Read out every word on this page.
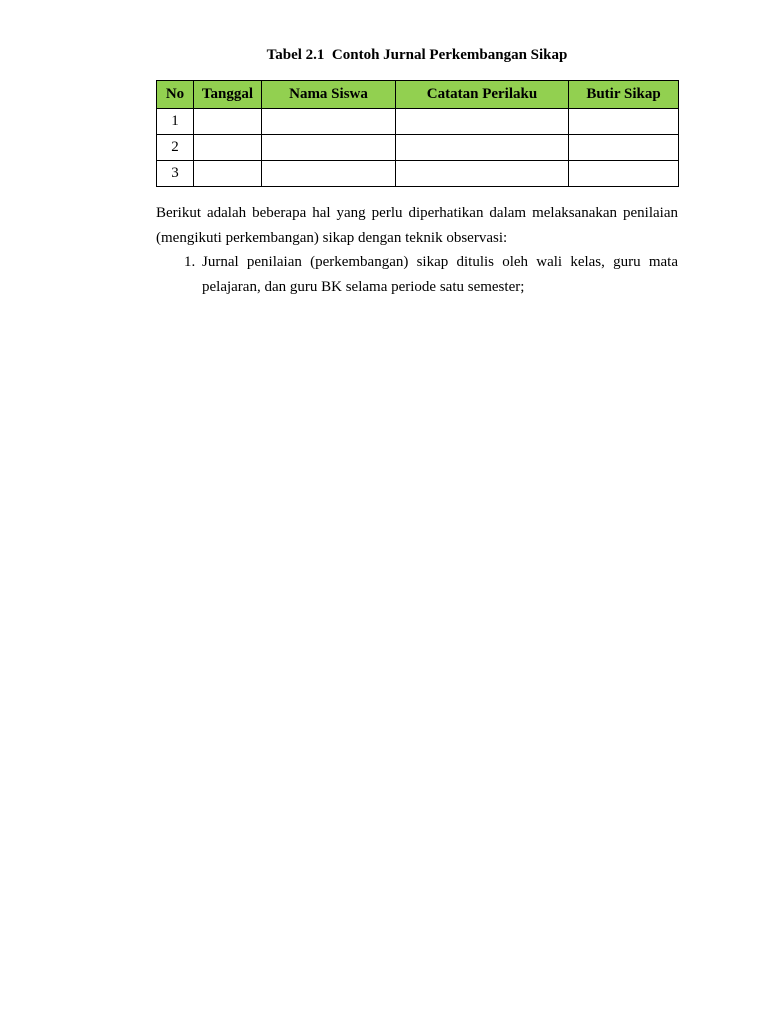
Tabel 2.1  Contoh Jurnal Perkembangan Sikap
No	Tanggal	Nama Siswa	Catatan Perilaku	Butir Sikap
1				
2				
3				

Berikut adalah beberapa hal yang perlu diperhatikan dalam melaksanakan penilaian (mengikuti perkembangan) sikap dengan teknik observasi:

1. Jurnal penilaian (perkembangan) sikap ditulis oleh wali kelas, guru mata pelajaran, dan guru BK selama periode satu semester;
